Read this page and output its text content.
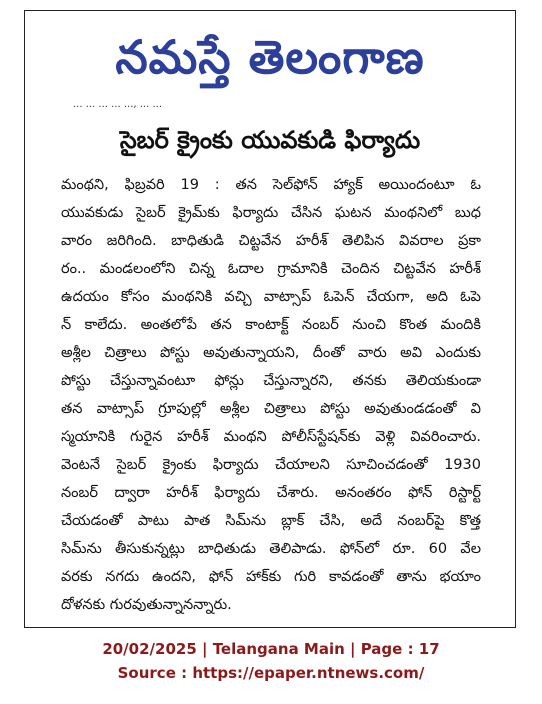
నమస్తే తెలంగాణ
... ... ... ... ..., ... ...
సైబర్ క్రైంకు యువకుడి ఫిర్యాదు
మంథని, ఫిబ్రవరి 19 : తన సెల్‌ఫోన్ హ్యాక్ అయిందంటూ ఓ
యువకుడు సైబర్ క్రైమ్‌కు ఫిర్యాదు చేసిన ఘటన మంథనిలో బుధ
వారం జరిగింది. బాధితుడి చిట్టవేన హరీశ్ తెలిపిన వివరాల ప్రకా
రం.. మండలంలోని చిన్న ఓదాల గ్రామానికి చెందిన చిట్టవేన హరీశ్
ఉదయం కోసం మంథనికి వచ్చి వాట్సాప్ ఓపెన్ చేయగా, అది ఓపె
న్ కాలేదు. అంతలోపే తన కాంటాక్ట్ నంబర్ నుంచి కొంత మందికి
అశ్లీల చిత్రాలు పోస్టు అవుతున్నాయని, దీంతో వారు అవి ఎందుకు
పోస్టు చేస్తున్నావంటూ ఫోన్లు చేస్తున్నారని, తనకు తెలియకుండా
తన వాట్సాప్ గ్రూపుల్లో అశ్లీల చిత్రాలు పోస్టు అవుతుండడంతో వి
స్మయానికి గురైన హరీశ్ మంథని పోలీస్‌స్టేషన్‌కు వెళ్లి వివరించారు.
వెంటనే సైబర్ క్రైంకు ఫిర్యాదు చేయాలని సూచించడంతో 1930
నంబర్ ద్వారా హరీశ్ ఫిర్యాదు చేశారు. అనంతరం ఫోన్ రిస్టార్ట్
చేయడంతో పాటు పాత సిమ్‌ను బ్లాక్ చేసి, అదే నంబర్‌పై కొత్త
సిమ్‌ను తీసుకున్నట్లు బాధితుడు తెలిపాడు. ఫోన్‌లో రూ. 60 వేల
వరకు నగదు ఉందని, ఫోన్ హాక్‌కు గురి కావడంతో తాను భయాం
దోళనకు గురవుతున్నానన్నారు.
20/02/2025 | Telangana Main | Page : 17
Source : https://epaper.ntnews.com/
